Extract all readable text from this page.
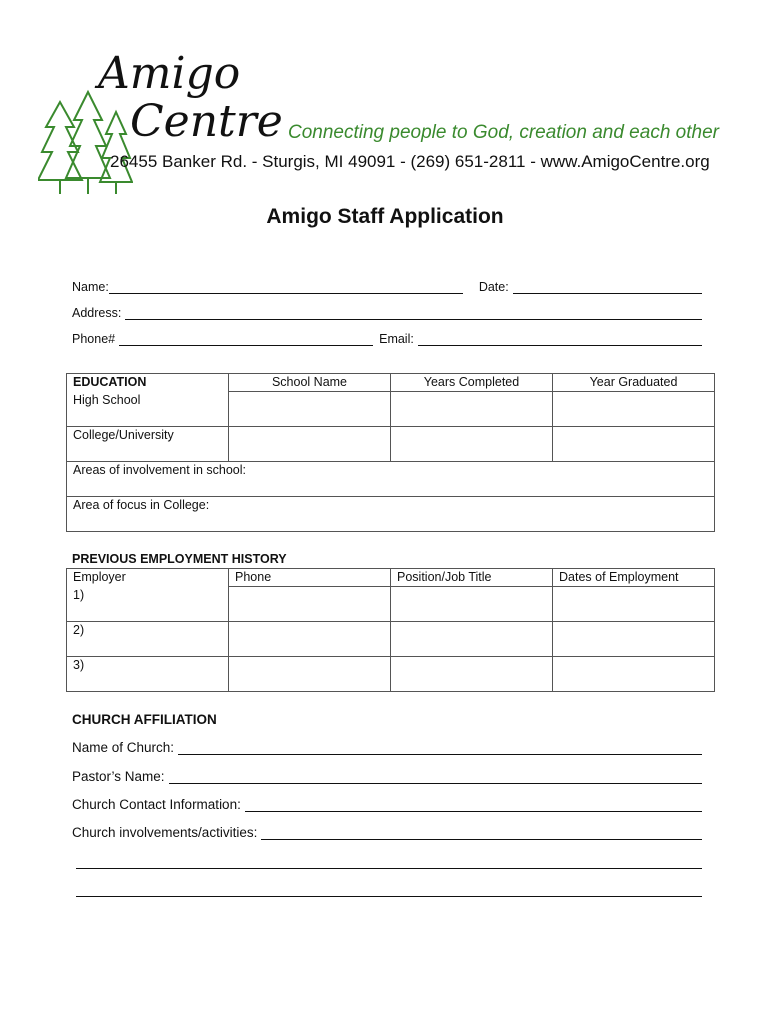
Amigo
Centre Connecting people to God, creation and each other
26455 Banker Rd. - Sturgis, MI 49091 - (269) 651-2811 - www.AmigoCentre.org
Amigo Staff Application
Name:	Date:
Address:
Phone#	Email:
EDUCATION	School Name	Years Completed	Year Graduated
High School			
College/University			
Areas of involvement in school:			
Area of focus in College:			
PREVIOUS EMPLOYMENT HISTORY
Employer	Phone	Position/Job Title	Dates of Employment
1)			
2)			
3)			
CHURCH AFFILIATION
Name of Church:
Pastor’s Name:
Church Contact Information:
Church involvements/activities:
